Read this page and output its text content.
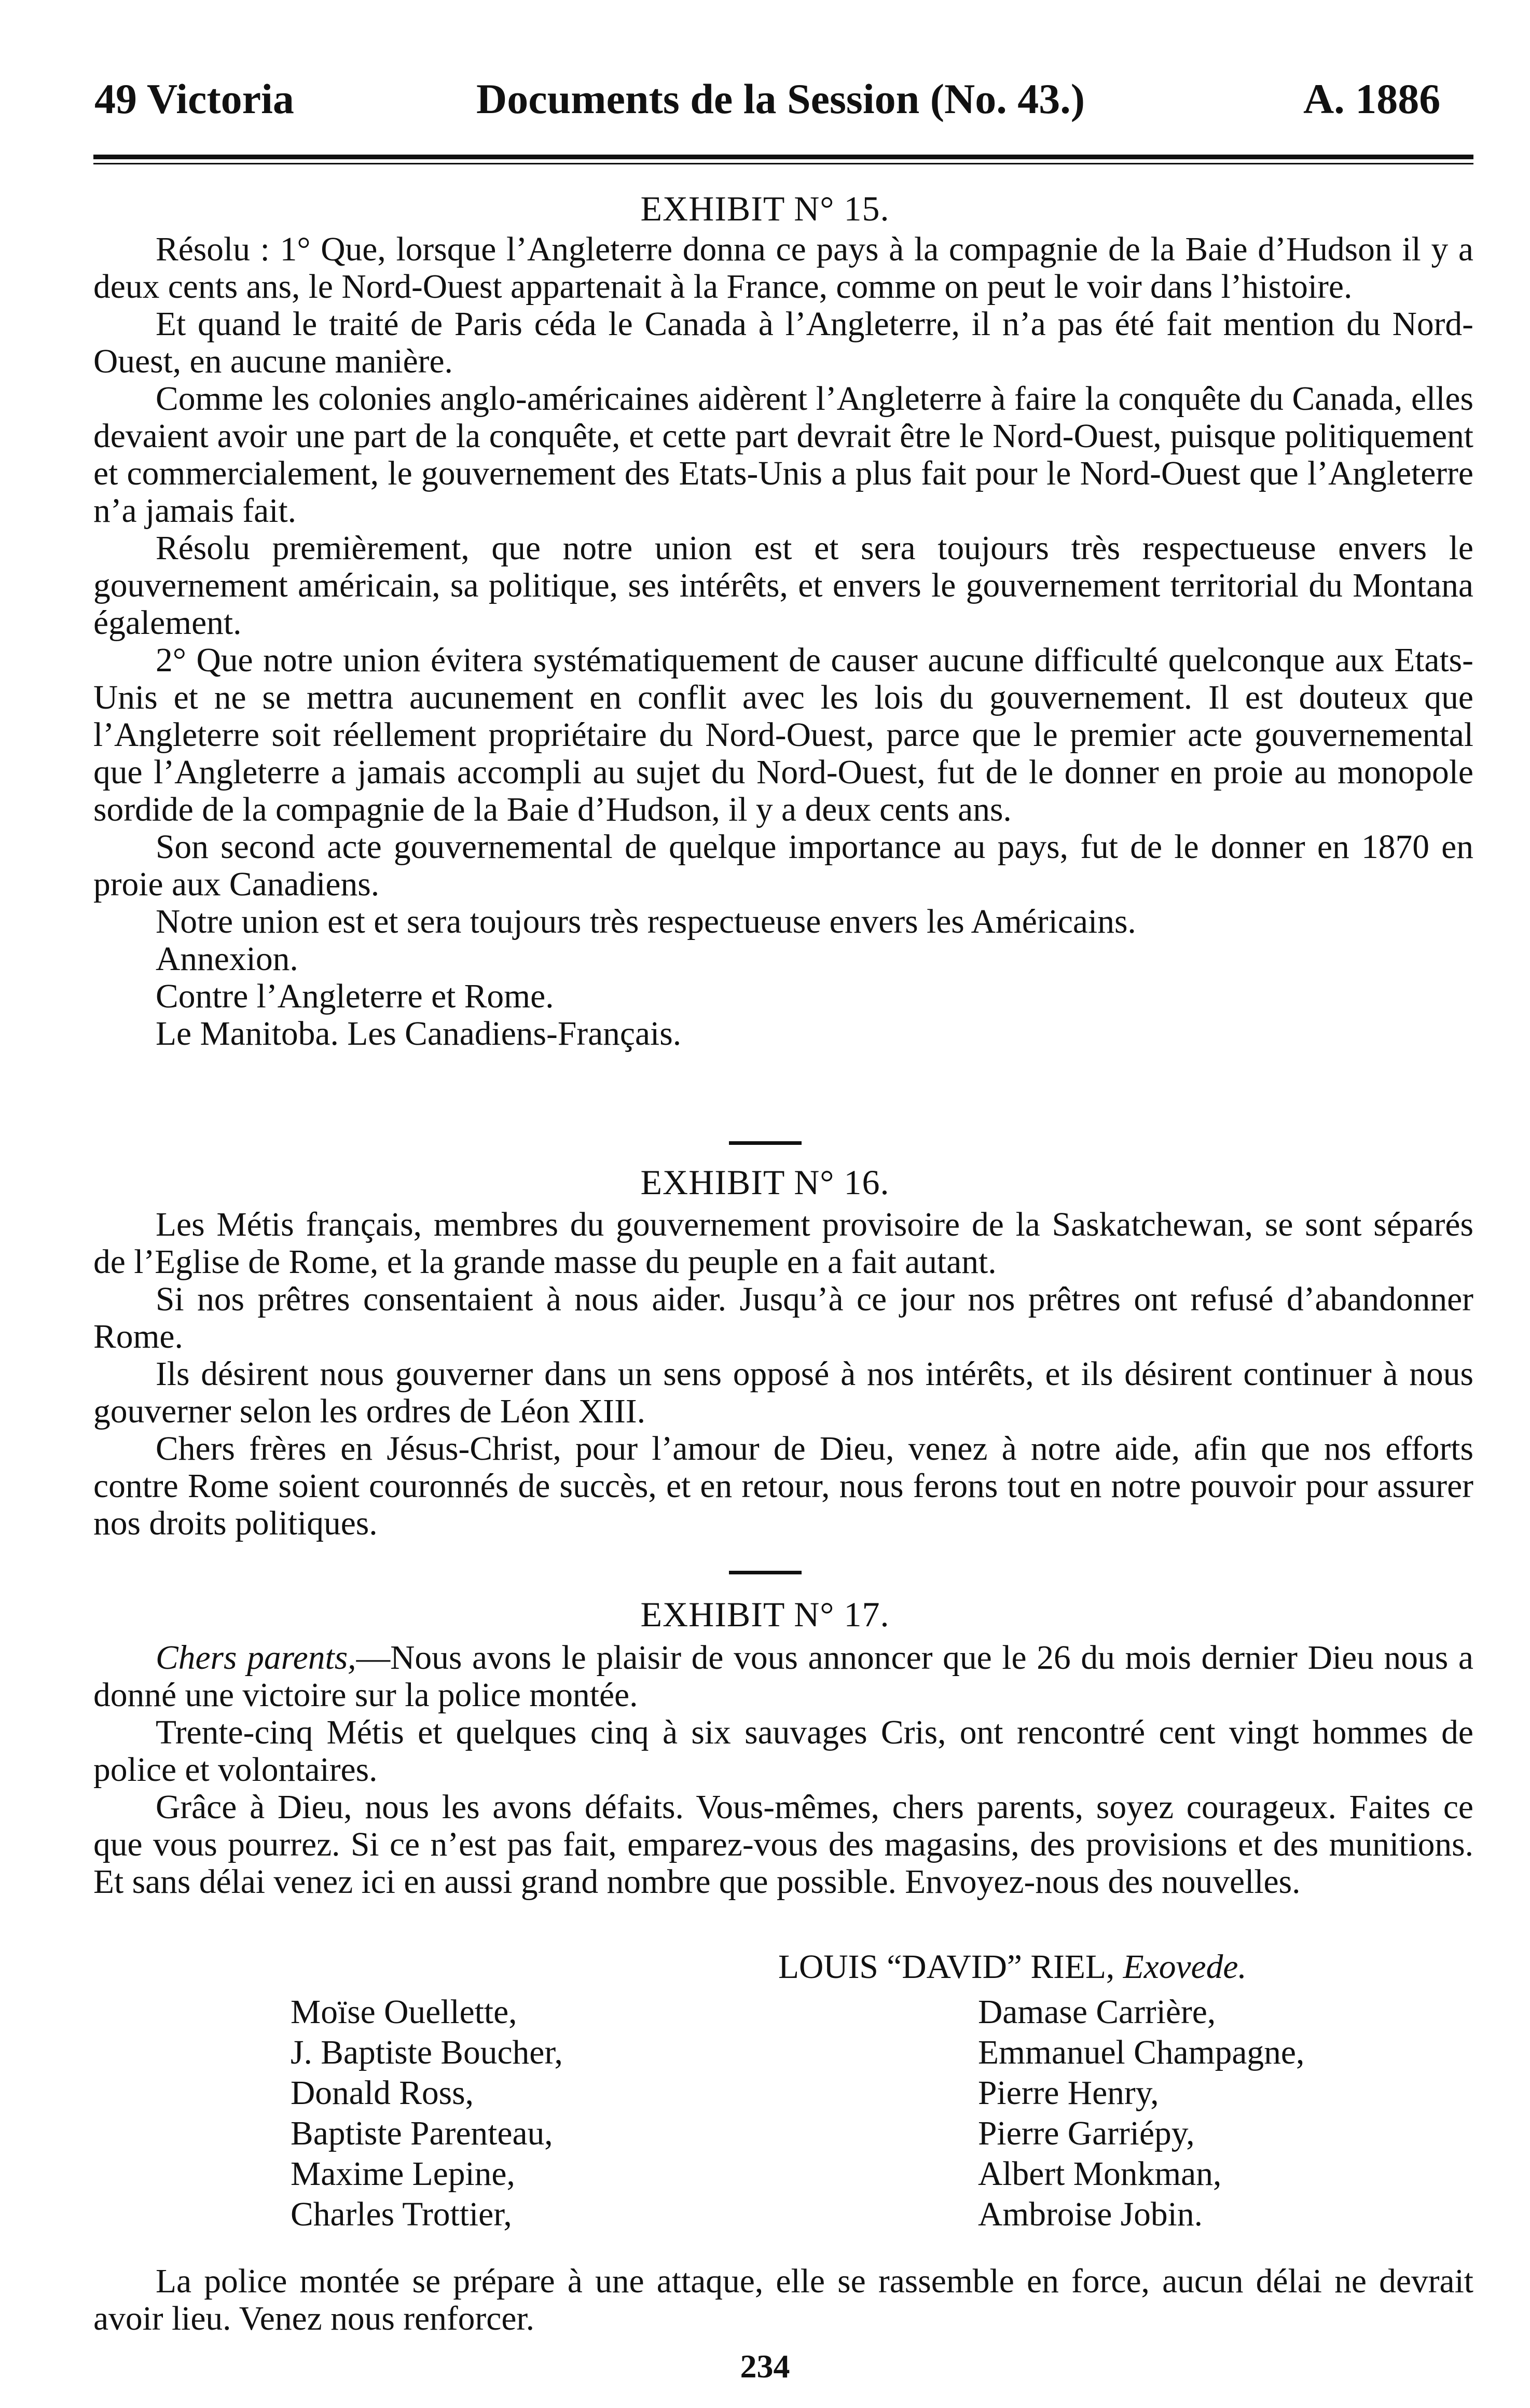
49 Victoria	Documents de la Session (No. 43.)	A. 1886
EXHIBIT N° 15.

Résolu : 1° Que, lorsque l’Angleterre donna ce pays à la compagnie de la Baie d’Hudson il y a deux cents ans, le Nord-Ouest appartenait à la France, comme on peut le voir dans l’histoire.

Et quand le traité de Paris céda le Canada à l’Angleterre, il n’a pas été fait mention du Nord-Ouest, en aucune manière.

Comme les colonies anglo-américaines aidèrent l’Angleterre à faire la conquête du Canada, elles devaient avoir une part de la conquête, et cette part devrait être le Nord-Ouest, puisque politiquement et commercialement, le gouvernement des Etats-Unis a plus fait pour le Nord-Ouest que l’Angleterre n’a jamais fait.

Résolu premièrement, que notre union est et sera toujours très respectueuse envers le gouvernement américain, sa politique, ses intérêts, et envers le gouvernement territorial du Montana également.

2° Que notre union évitera systématiquement de causer aucune difficulté quelconque aux Etats-Unis et ne se mettra aucunement en conflit avec les lois du gouvernement. Il est douteux que l’Angleterre soit réellement propriétaire du Nord-Ouest, parce que le premier acte gouvernemental que l’Angleterre a jamais accompli au sujet du Nord-Ouest, fut de le donner en proie au monopole sordide de la compagnie de la Baie d’Hudson, il y a deux cents ans.

Son second acte gouvernemental de quelque importance au pays, fut de le donner en 1870 en proie aux Canadiens.

Notre union est et sera toujours très respectueuse envers les Américains.

Annexion.

Contre l’Angleterre et Rome.

Le Manitoba. Les Canadiens-Français.

EXHIBIT N° 16.

Les Métis français, membres du gouvernement provisoire de la Saskatchewan, se sont séparés de l’Eglise de Rome, et la grande masse du peuple en a fait autant.

Si nos prêtres consentaient à nous aider. Jusqu’à ce jour nos prêtres ont refusé d’abandonner Rome.

Ils désirent nous gouverner dans un sens opposé à nos intérêts, et ils désirent continuer à nous gouverner selon les ordres de Léon XIII.

Chers frères en Jésus-Christ, pour l’amour de Dieu, venez à notre aide, afin que nos efforts contre Rome soient couronnés de succès, et en retour, nous ferons tout en notre pouvoir pour assurer nos droits politiques.

EXHIBIT N° 17.

Chers parents,—Nous avons le plaisir de vous annoncer que le 26 du mois dernier Dieu nous a donné une victoire sur la police montée.

Trente-cinq Métis et quelques cinq à six sauvages Cris, ont rencontré cent vingt hommes de police et volontaires.

Grâce à Dieu, nous les avons défaits. Vous-mêmes, chers parents, soyez courageux. Faites ce que vous pourrez. Si ce n’est pas fait, emparez-vous des magasins, des provisions et des munitions. Et sans délai venez ici en aussi grand nombre que possible. Envoyez-nous des nouvelles.

LOUIS “DAVID” RIEL, Exovede.
Moïse Ouellette,
J. Baptiste Boucher,
Donald Ross,
Baptiste Parenteau,
Maxime Lepine,
Charles Trottier,
Damase Carrière,
Emmanuel Champagne,
Pierre Henry,
Pierre Garriépy,
Albert Monkman,
Ambroise Jobin.

La police montée se prépare à une attaque, elle se rassemble en force, aucun délai ne devrait avoir lieu. Venez nous renforcer.

234
